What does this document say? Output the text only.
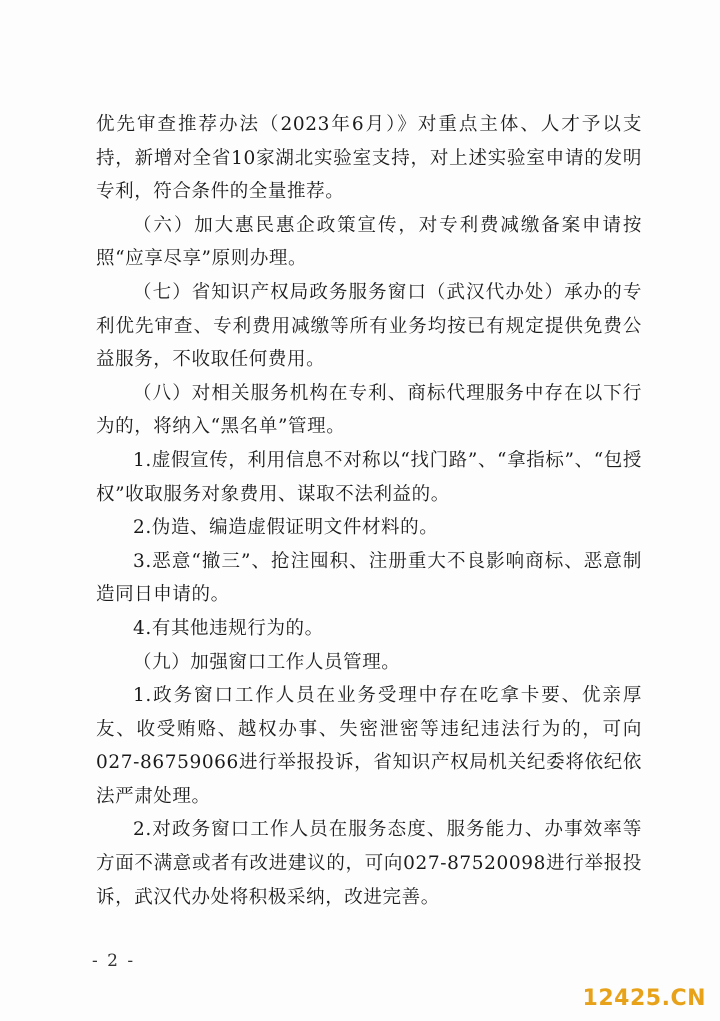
优先审查推荐办法（2023年6月）》对重点主体、人才予以支持，新增对全省10家湖北实验室支持，对上述实验室申请的发明专利，符合条件的全量推荐。

（六）加大惠民惠企政策宣传，对专利费减缴备案申请按照“应享尽享”原则办理。

（七）省知识产权局政务服务窗口（武汉代办处）承办的专利优先审查、专利费用减缴等所有业务均按已有规定提供免费公益服务，不收取任何费用。

（八）对相关服务机构在专利、商标代理服务中存在以下行为的，将纳入“黑名单”管理。

1.虚假宣传，利用信息不对称以“找门路”、“拿指标”、“包授权”收取服务对象费用、谋取不法利益的。

2.伪造、编造虚假证明文件材料的。

3.恶意“撤三”、抢注囤积、注册重大不良影响商标、恶意制造同日申请的。

4.有其他违规行为的。

（九）加强窗口工作人员管理。

1.政务窗口工作人员在业务受理中存在吃拿卡要、优亲厚友、收受贿赂、越权办事、失密泄密等违纪违法行为的，可向027-86759066进行举报投诉，省知识产权局机关纪委将依纪依法严肃处理。

2.对政务窗口工作人员在服务态度、服务能力、办事效率等方面不满意或者有改进建议的，可向027-87520098进行举报投诉，武汉代办处将积极采纳，改进完善。

- 2 -
12425.CN
